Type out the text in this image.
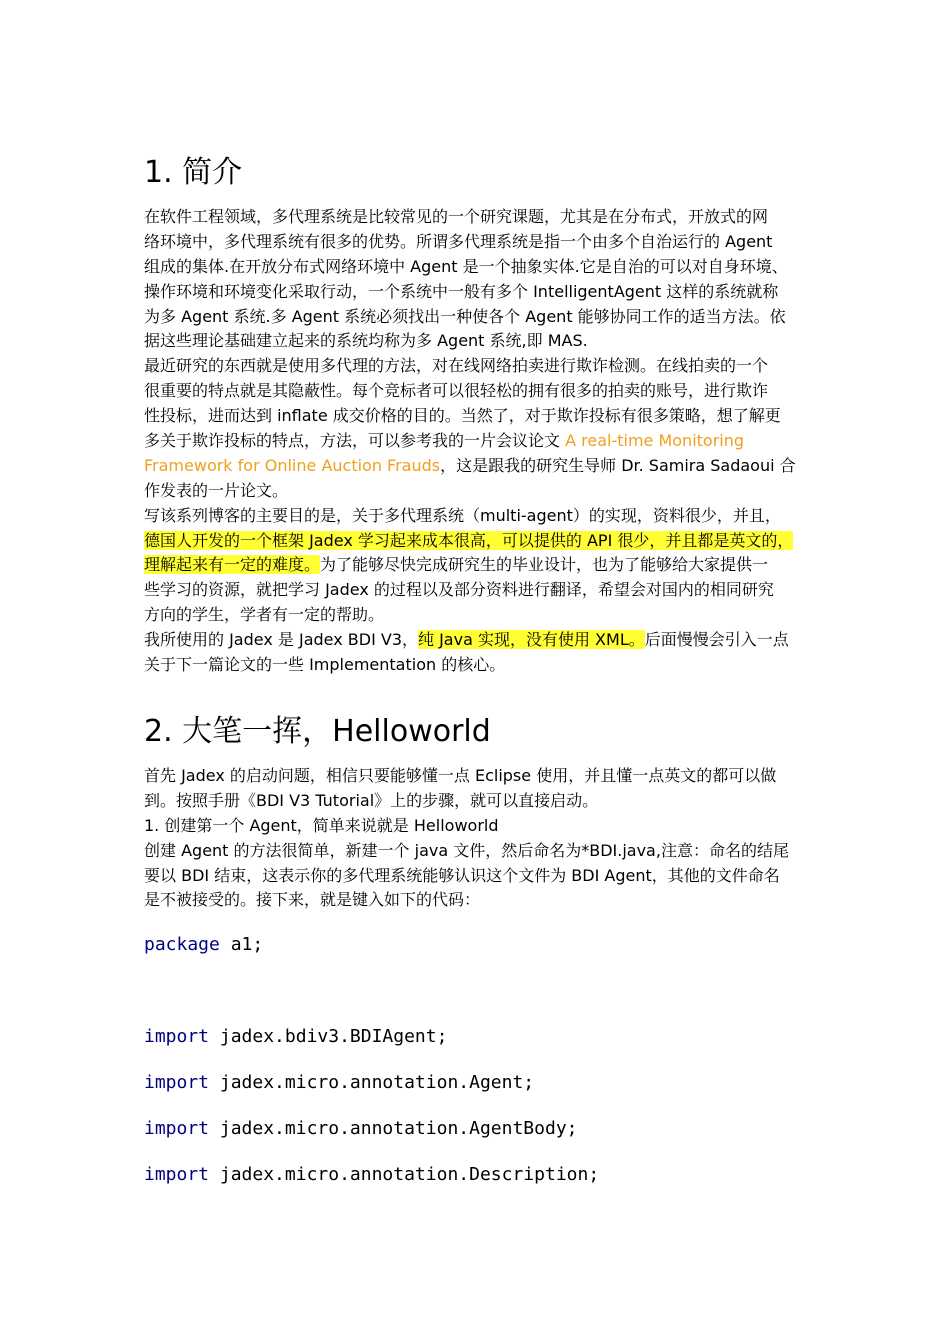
1. 简介
在软件工程领域，多代理系统是比较常见的一个研究课题，尤其是在分布式，开放式的网
络环境中，多代理系统有很多的优势。所谓多代理系统是指一个由多个自治运行的 Agent
组成的集体.在开放分布式网络环境中 Agent 是一个抽象实体.它是自治的可以对自身环境、
操作环境和环境变化采取行动，一个系统中一般有多个 IntelligentAgent 这样的系统就称
为多 Agent 系统.多 Agent 系统必须找出一种使各个 Agent 能够协同工作的适当方法。依
据这些理论基础建立起来的系统均称为多 Agent 系统,即 MAS.
最近研究的东西就是使用多代理的方法，对在线网络拍卖进行欺诈检测。在线拍卖的一个
很重要的特点就是其隐蔽性。每个竞标者可以很轻松的拥有很多的拍卖的账号，进行欺诈
性投标，进而达到 inflate 成交价格的目的。当然了，对于欺诈投标有很多策略，想了解更
多关于欺诈投标的特点，方法，可以参考我的一片会议论文 A real-time Monitoring
Framework for Online Auction Frauds，这是跟我的研究生导师 Dr. Samira Sadaoui 合
作发表的一片论文。
写该系列博客的主要目的是，关于多代理系统（multi-agent）的实现，资料很少，并且，
德国人开发的一个框架 Jadex 学习起来成本很高，可以提供的 API 很少，并且都是英文的，
理解起来有一定的难度。为了能够尽快完成研究生的毕业设计，也为了能够给大家提供一
些学习的资源，就把学习 Jadex 的过程以及部分资料进行翻译，希望会对国内的相同研究
方向的学生，学者有一定的帮助。
我所使用的 Jadex 是 Jadex BDI V3，纯 Java 实现，没有使用 XML。后面慢慢会引入一点
关于下一篇论文的一些 Implementation 的核心。
2. 大笔一挥，Helloworld
首先 Jadex 的启动问题，相信只要能够懂一点 Eclipse 使用，并且懂一点英文的都可以做
到。按照手册《BDI V3 Tutorial》上的步骤，就可以直接启动。
1. 创建第一个 Agent，简单来说就是 Helloworld
创建 Agent 的方法很简单，新建一个 java 文件，然后命名为*BDI.java,注意：命名的结尾
要以 BDI 结束，这表示你的多代理系统能够认识这个文件为 BDI Agent，其他的文件命名
是不被接受的。接下来，就是键入如下的代码：
package a1;
import jadex.bdiv3.BDIAgent;
import jadex.micro.annotation.Agent;
import jadex.micro.annotation.AgentBody;
import jadex.micro.annotation.Description;
